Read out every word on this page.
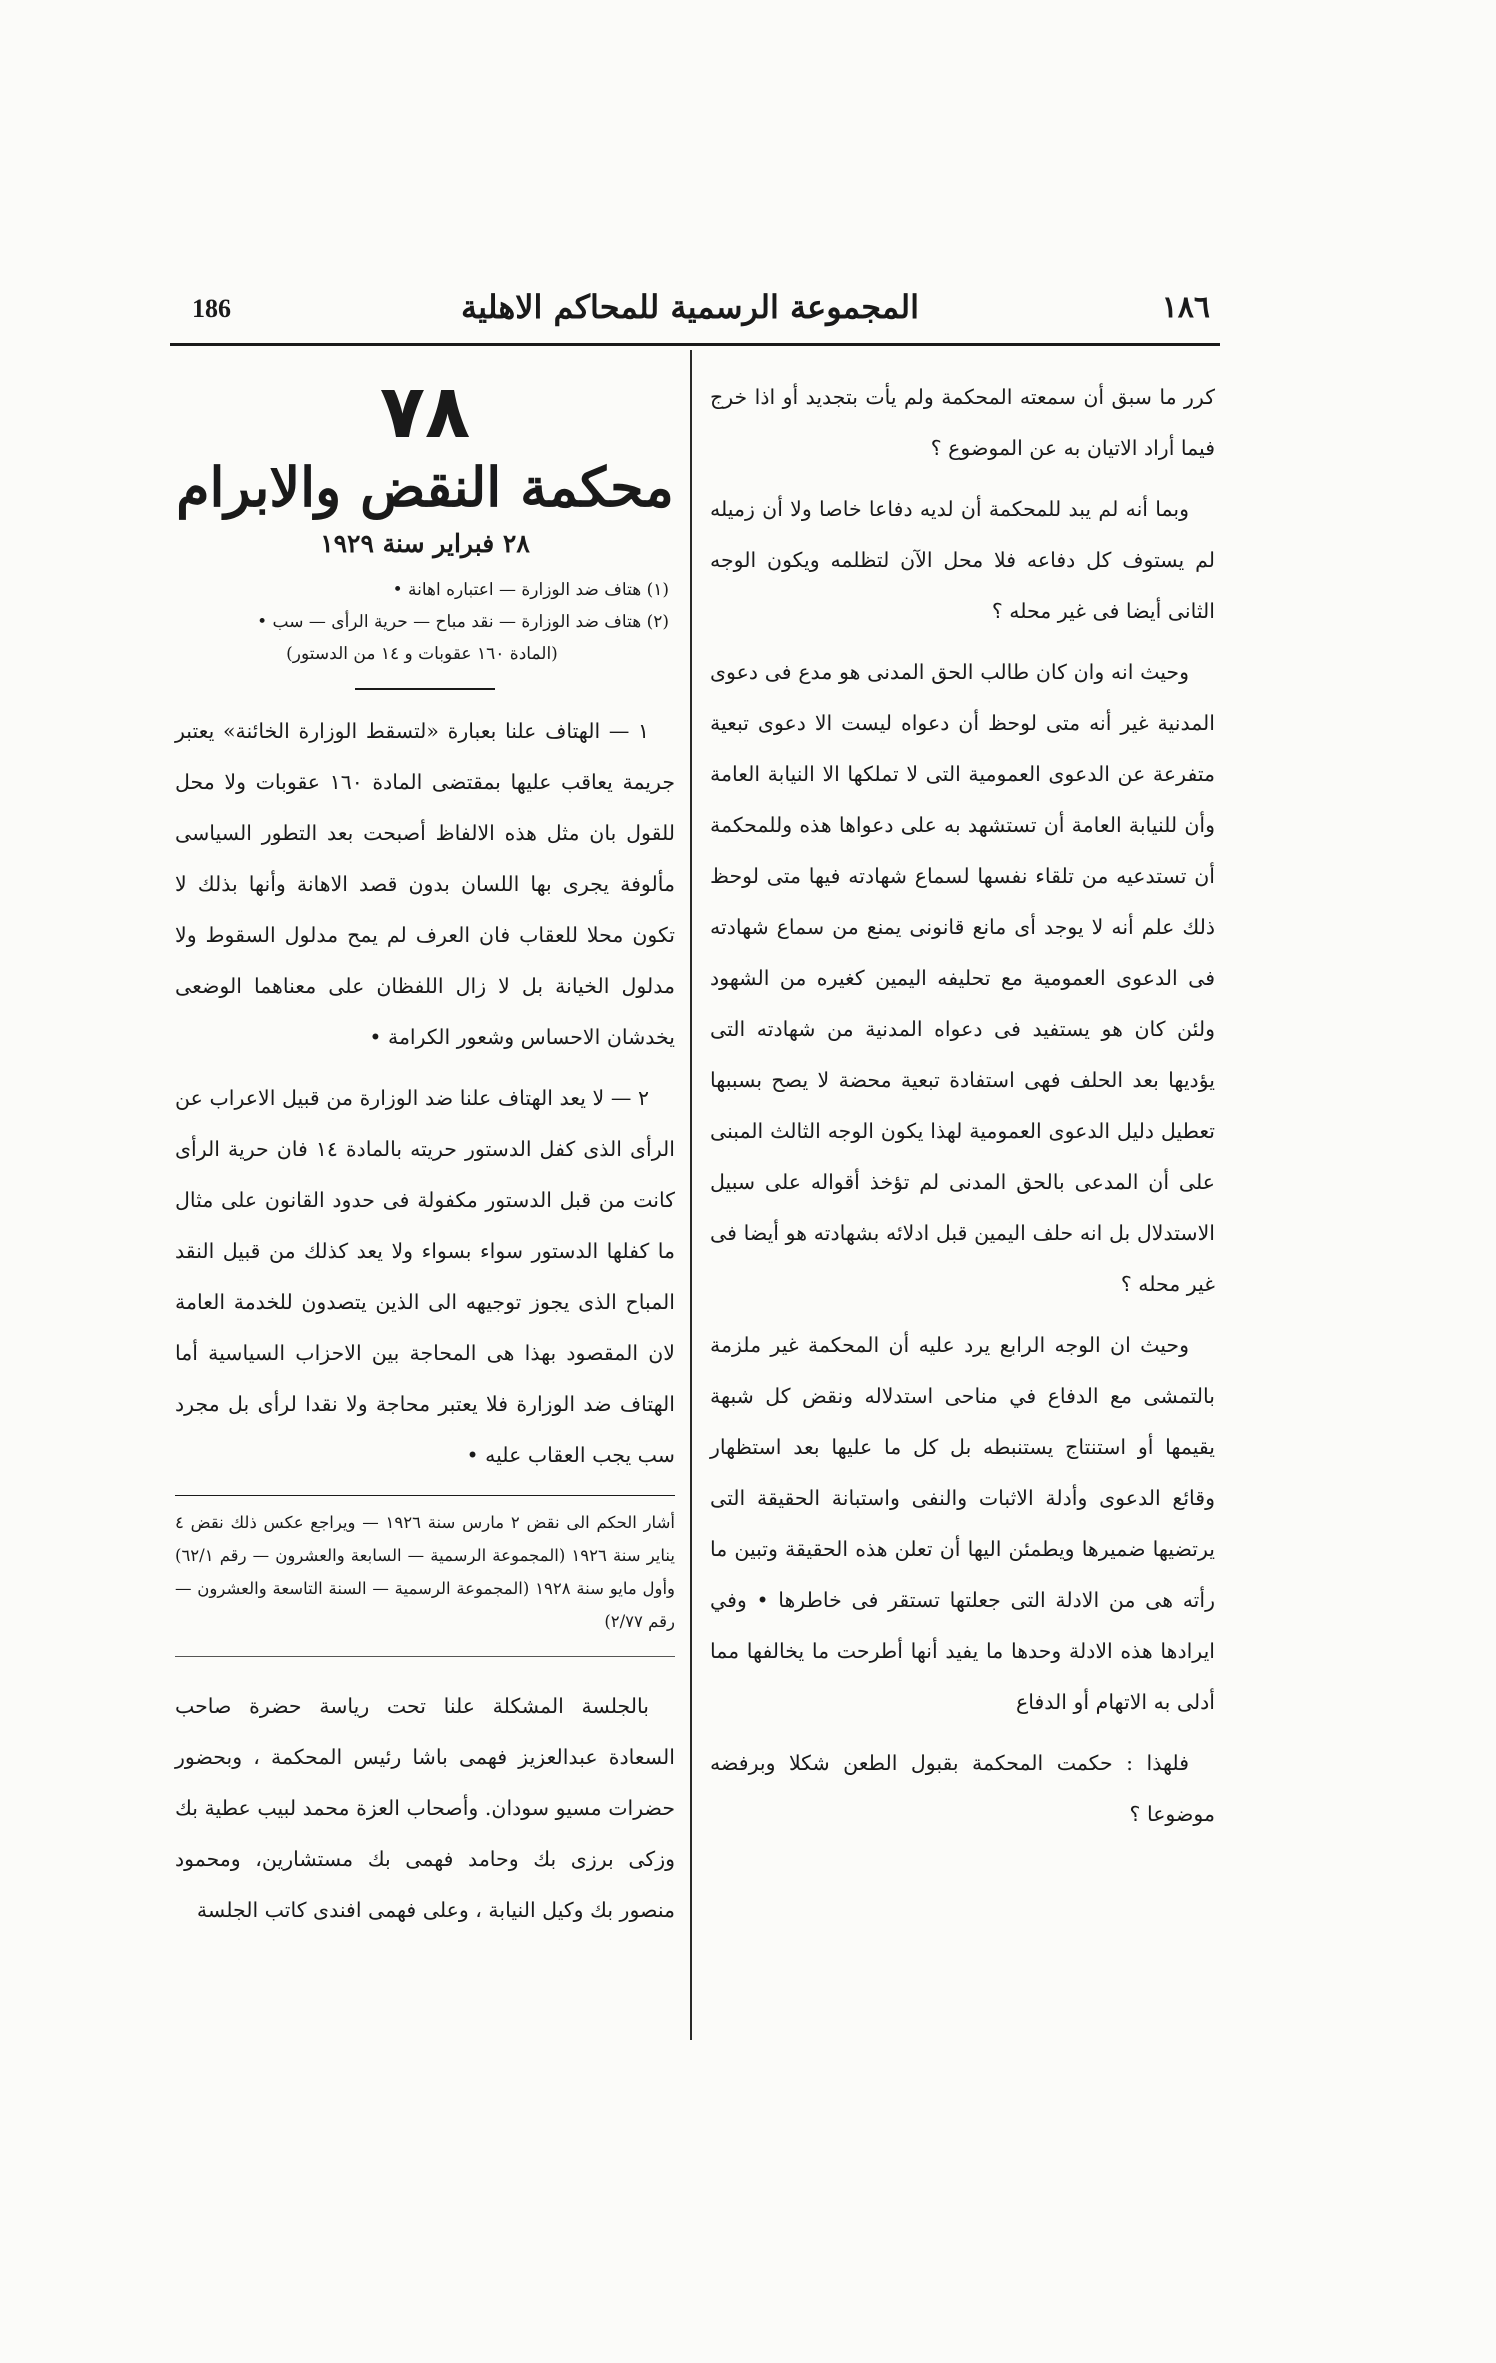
186	المجموعة الرسمية للمحاكم الاهلية	١٨٦

كرر ما سبق أن سمعته المحكمة ولم يأت بتجديد أو اذا خرج فيما أراد الاتيان به عن الموضوع ؟

وبما أنه لم يبد للمحكمة أن لديه دفاعا خاصا ولا أن زميله لم يستوف كل دفاعه فلا محل الآن لتظلمه ويكون الوجه الثانى أيضا فى غير محله ؟

وحيث انه وان كان طالب الحق المدنى هو مدع فى دعوى المدنية غير أنه متى لوحظ أن دعواه ليست الا دعوى تبعية متفرعة عن الدعوى العمومية التى لا تملكها الا النيابة العامة وأن للنيابة العامة أن تستشهد به على دعواها هذه وللمحكمة أن تستدعيه من تلقاء نفسها لسماع شهادته فيها متى لوحظ ذلك علم أنه لا يوجد أى مانع قانونى يمنع من سماع شهادته فى الدعوى العمومية مع تحليفه اليمين كغيره من الشهود ولئن كان هو يستفيد فى دعواه المدنية من شهادته التى يؤديها بعد الحلف فهى استفادة تبعية محضة لا يصح بسببها تعطيل دليل الدعوى العمومية لهذا يكون الوجه الثالث المبنى على أن المدعى بالحق المدنى لم تؤخذ أقواله على سبيل الاستدلال بل انه حلف اليمين قبل ادلائه بشهادته هو أيضا فى غير محله ؟

وحيث ان الوجه الرابع يرد عليه أن المحكمة غير ملزمة بالتمشى مع الدفاع في مناحى استدلاله ونقض كل شبهة يقيمها أو استنتاج يستنبطه بل كل ما عليها بعد استظهار وقائع الدعوى وأدلة الاثبات والنفى واستبانة الحقيقة التى يرتضيها ضميرها ويطمئن اليها أن تعلن هذه الحقيقة وتبين ما رأته هى من الادلة التى جعلتها تستقر فى خاطرها • وفي ايرادها هذه الادلة وحدها ما يفيد أنها أطرحت ما يخالفها مما أدلى به الاتهام أو الدفاع

فلهذا : حكمت المحكمة بقبول الطعن شكلا وبرفضه موضوعا ؟

٧٨
محكمة النقض والابرام
٢٨ فبراير سنة ١٩٢٩

(١) هتاف ضد الوزارة — اعتباره اهانة •

(٢) هتاف ضد الوزارة — نقد مباح — حرية الرأى — سب •

(المادة ١٦٠ عقوبات و ١٤ من الدستور)

١ — الهتاف علنا بعبارة «لتسقط الوزارة الخائنة» يعتبر جريمة يعاقب عليها بمقتضى المادة ١٦٠ عقوبات ولا محل للقول بان مثل هذه الالفاظ أصبحت بعد التطور السياسى مألوفة يجرى بها اللسان بدون قصد الاهانة وأنها بذلك لا تكون محلا للعقاب فان العرف لم يمح مدلول السقوط ولا مدلول الخيانة بل لا زال اللفظان على معناهما الوضعى يخدشان الاحساس وشعور الكرامة •

٢ — لا يعد الهتاف علنا ضد الوزارة من قبيل الاعراب عن الرأى الذى كفل الدستور حريته بالمادة ١٤ فان حرية الرأى كانت من قبل الدستور مكفولة فى حدود القانون على مثال ما كفلها الدستور سواء بسواء ولا يعد كذلك من قبيل النقد المباح الذى يجوز توجيهه الى الذين يتصدون للخدمة العامة لان المقصود بهذا هى المحاجة بين الاحزاب السياسية أما الهتاف ضد الوزارة فلا يعتبر محاجة ولا نقدا لرأى بل مجرد سب يجب العقاب عليه •

أشار الحكم الى نقض ٢ مارس سنة ١٩٢٦ — ويراجع عكس ذلك نقض ٤ يناير سنة ١٩٢٦ (المجموعة الرسمية — السابعة والعشرون — رقم ٦٢/١) وأول مايو سنة ١٩٢٨ (المجموعة الرسمية — السنة التاسعة والعشرون — رقم ٢/٧٧)

بالجلسة المشكلة علنا تحت رياسة حضرة صاحب السعادة عبدالعزيز فهمى باشا رئيس المحكمة ، وبحضور حضرات مسيو سودان. وأصحاب العزة محمد لبيب عطية بك وزكى برزى بك وحامد فهمى بك مستشارين، ومحمود منصور بك وكيل النيابة ، وعلى فهمى افندى كاتب الجلسة
